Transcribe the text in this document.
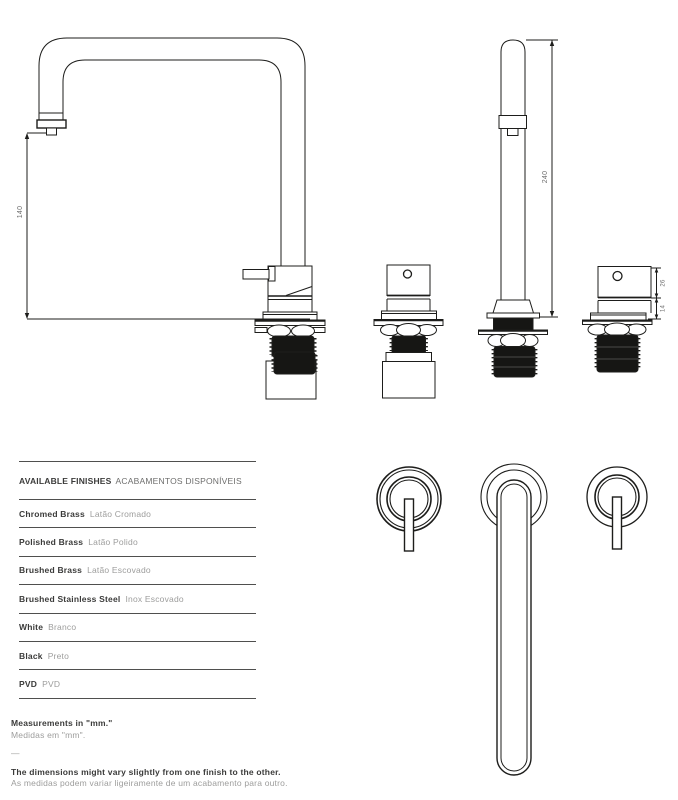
140
240
26
14
AVAILABLE FINISHES ACABAMENTOS DISPONÍVEIS
Chromed Brass Latão Cromado
Polished Brass Latão Polido
Brushed Brass Latão Escovado
Brushed Stainless Steel Inox Escovado
White Branco
Black Preto
PVD PVD

Measurements in "mm."

Medidas em "mm".

—

The dimensions might vary slightly from one finish to the other.

As medidas podem variar ligeiramente de um acabamento para outro.
